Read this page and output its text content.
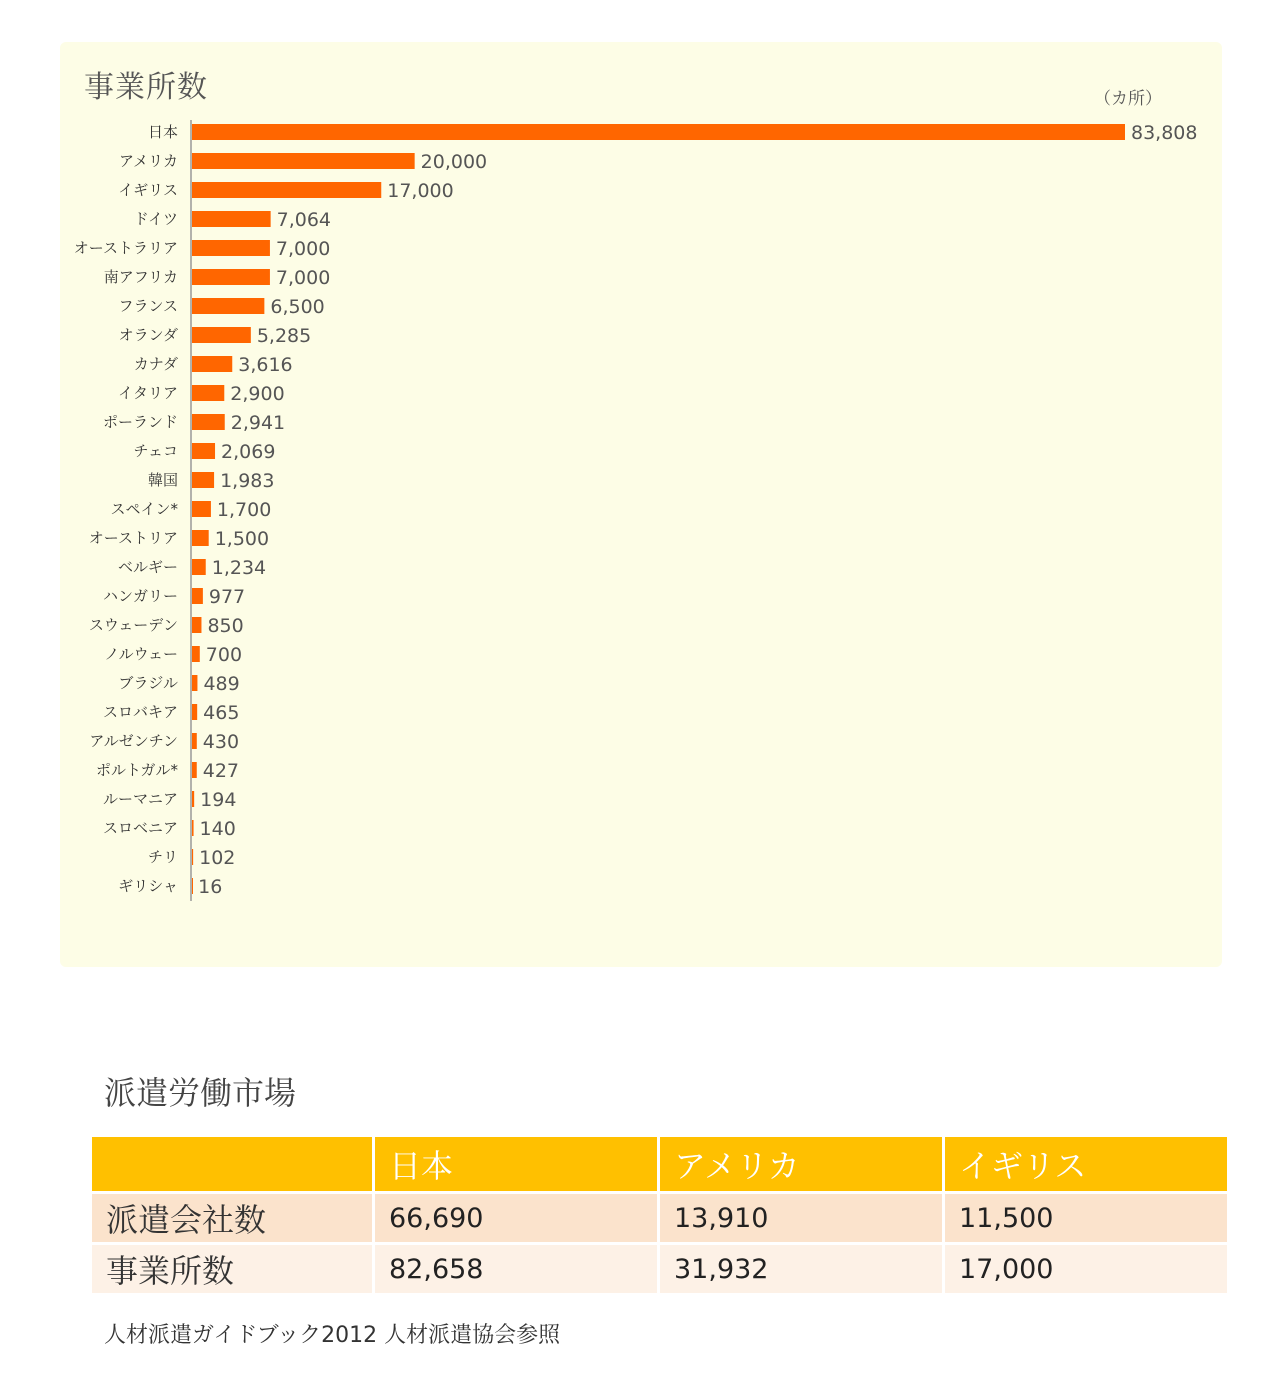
事業所数	（カ所）
日本	83,808
アメリカ	20,000
イギリス	17,000
ドイツ	7,064
オーストラリア	7,000
南アフリカ	7,000
フランス	6,500
オランダ	5,285
カナダ	3,616
イタリア	2,900
ポーランド	2,941
チェコ 2,069
韓国 1,983
スペイン* 1,700
オーストリア 1,500
ベルギー 1,234
ハンガリー 977
スウェーデン 850
ノルウェー 700
ブラジル 489
スロバキア 465
アルゼンチン 430
ポルトガル* 427
ルーマニア 194
スロベニア 140
チリ 102
ギリシャ 16
派遣労働市場
	日本	アメリカ	イギリス
派遣会社数	66,690	13,910	11,500
事業所数	82,658	31,932	17,000
人材派遣ガイドブック2012 人材派遣協会参照
